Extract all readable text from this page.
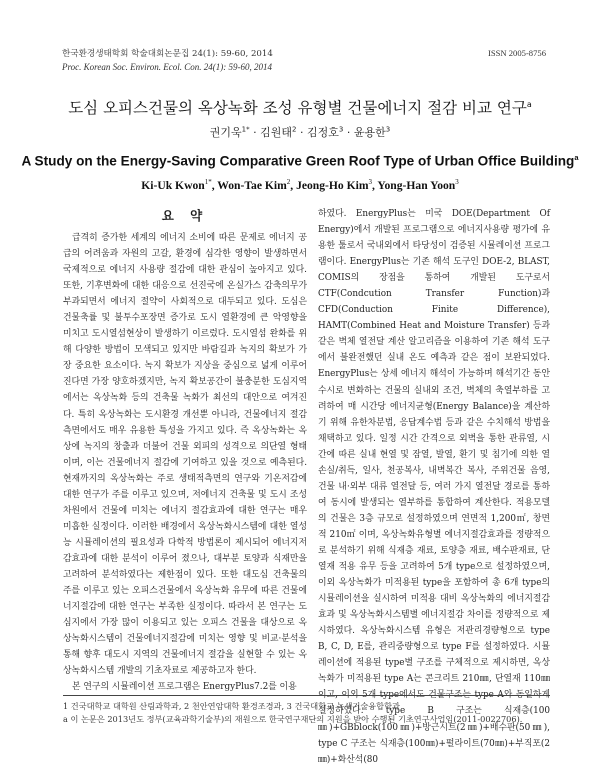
한국환경생태학회 학술대회논문집 24(1): 59-60, 2014
Proc. Korean Soc. Environ. Ecol. Con. 24(1): 59-60, 2014
ISSN 2005-8756
도심 오피스건물의 옥상녹화 조성 유형별 건물에너지 절감 비교 연구$^a$
권기욱$^{1*}$ · 김원태$^2$ · 김정호$^3$ · 윤용한$^3$
A Study on the Energy-Saving Comparative Green Roof Type of Urban Office Building$^a$
Ki-Uk Kwon$^{1*}$, Won-Tae Kim$^2$, Jeong-Ho Kim$^3$, Yong-Han Yoon$^3$
요 약

급격히 증가한 세계의 에너지 소비에 따른 문제로 에너지 공급의 어려움과 자원의 고갈, 환경에 심각한 영향이 발생하면서 국제적으로 에너지 사용량 절감에 대한 관심이 높아지고 있다. 또한, 기후변화에 대한 대응으로 선진국에 온실가스 감축의무가 부과되면서 에너지 절약이 사회적으로 대두되고 있다. 도심은 건물축률 및 불투수포장면 증가로 도시 열환경에 큰 악영향을 미치고 도시열섬현상이 발생하기 이르렀다. 도시열섬 완화를 위해 다양한 방법이 모색되고 있지만 바람길과 녹지의 확보가 가장 중요한 요소이다. 녹지 확보가 지상을 중심으로 넓게 이루어진다면 가장 양호하겠지만, 녹지 확보공간이 불충분한 도심지역에서는 옥상녹화 등의 건축물 녹화가 최선의 대안으로 여겨진다. 특히 옥상녹화는 도시환경 개선뿐 아니라, 건물에너지 절감 측면에서도 매우 유용한 특성을 가지고 있다. 즉 옥상녹화는 옥상에 녹지의 창출과 더불어 건물 외피의 성격으로 의단열 형태이며, 이는 건물에너지 절감에 기여하고 있을 것으로 예측된다. 현재까지의 옥상녹화는 주로 생태적측면의 연구와 기온저감에 대한 연구가 주를 이루고 있으며, 저에너지 건축물 및 도시 조성 차원에서 건물에 미치는 에너지 절감효과에 대한 연구는 매우 미흡한 실정이다. 이러한 배경에서 옥상녹화시스템에 대한 열성능 시뮬레이션의 필요성과 다학적 방법론이 제시되어 에너지저감효과에 대한 분석이 이루어 졌으나, 대부분 토양과 식재만을 고려하여 분석하였다는 제한점이 있다. 또한 대도심 건축물의 주를 이루고 있는 오피스건물에서 옥상녹화 유무에 따른 건물에너지절감에 대한 연구는 부족한 실정이다. 따라서 본 연구는 도심지에서 가장 많이 이용되고 있는 오피스 건물을 대상으로 옥상녹화시스템이 건물에너지절감에 미치는 영향 및 비교·분석을 통해 향후 대도시 지역의 건물에너지 절감을 실현할 수 있는 옥상녹화시스템 개발의 기초자료로 제공하고자 한다.

본 연구의 시뮬레이션 프로그램은 EnergyPlus7.2를 이용

하였다. EnergyPlus는 미국 DOE(Department Of Energy)에서 개발된 프로그램으로 에너지사용량 평가에 유용한 툴로서 국내외에서 타당성이 검증된 시뮬레이션 프로그램이다. EnergyPlus는 기존 해석 도구인 DOE-2, BLAST, COMIS의 장점을 통하여 개발된 도구로서 CTF(Condcution Transfer Function)과 CFD(Conduction Finite Difference), HAMT(Combined Heat and Moisture Transfer) 등과 같은 벽체 열전달 계산 알고리즘을 이용하여 기존 해석 도구에서 불완전했던 실내 온도 예측과 같은 점이 보완되었다. EnergyPlus는 상세 에너지 해석이 가능하며 해석기간 동안 수시로 변화하는 건물의 실내외 조건, 벽체의 축열부하를 고려하여 매 시간당 에너지균형(Energy Balance)을 계산하기 위해 유한차분법, 응답계수법 등과 같은 수치해석 방법을 채택하고 있다. 일정 시간 간격으로 외벽을 통한 관류열, 시간에 따른 실내 현열 및 잠열, 발열, 환기 및 침기에 의한 열손실/취득, 일사, 천공복사, 내벽복간 복사, 주위건물 음영, 건물 내·외부 대류 열전달 등, 여러 가지 열전달 경로를 통하여 동시에 발생되는 열부하를 통합하여 계산한다. 적용모델의 건물은 3층 규모로 설정하였으며 연면적 1,200㎡, 창면적 210㎡ 이며, 옥상녹화유형별 에너지절감효과를 정량적으로 분석하기 위해 식재층 재료, 토양층 재료, 배수판재료, 단열재 적용 유무 등을 고려하여 5개 type으로 설정하였으며, 이외 옥상녹화가 미적용된 type을 포함하여 총 6개 type의 시뮬레이션을 실시하여 미적용 대비 옥상녹화의 에너지절감효과 및 옥상녹화시스템별 에너지절감 차이를 정량적으로 제시하였다. 옥상녹화시스템 유형은 저관리경량형으로 type B, C, D, E를, 관리중량형으로 type F를 설정하였다. 시뮬레이션에 적용된 type별 구조를 구체적으로 제시하면, 옥상녹화가 미적용된 type A는 콘크리트 210㎜, 단열재 110㎜이고, 이외 5개 type에서도 건물구조는 type A와 동일하게 설정하였다. type B 구조는 식재층(100㎜)+GBblock(100㎜)+방근시트(2㎜)+배수판(50㎜), type C 구조는 식재층(100㎜)+펄라이트(70㎜)+부직포(2㎜)+화산석(80

1 건국대학교 대학원 산림과학과, 2 천안연암대학 환경조경과, 3 건국대학교 녹색기술융합학과
a 이 논문은 2013년도 정부(교육과학기술부)의 재원으로 한국연구재단의 지원을 받아 수행된 기초연구사업임(2011-0022706).
